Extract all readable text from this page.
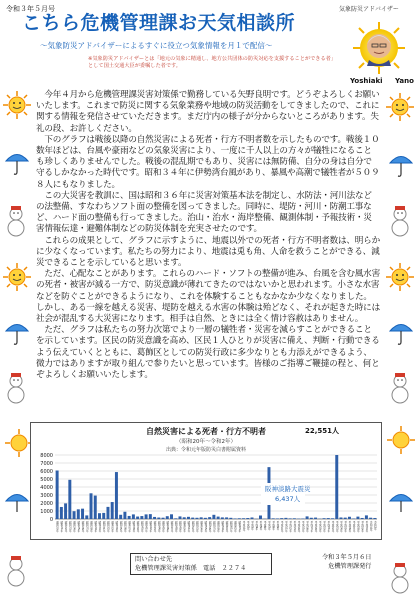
令和３年５月号
こちら危機管理課お天気相談所
気象防災アドバイザー
～気象防災アドバイザーによるすぐに役立つ気象情報を月１で配信～
※気象防災アドバイザーとは「地元の気象に精通し、地方公共団体の防災対応を支援することができる者」として国土交通大臣が委嘱した者です。
Yoshiaki Yano

　今年４月から危機管理課災害対策係で勤務している矢野良明です。どうぞよろしくお願いいたします。これまで防災に関する気象業務や地域の防災活動をしてきましたので、これに関する情報を発信させていただきます。まだ庁内の様子が分からないところがあります。失礼の段、お許しください。

　下のグラフは戦後以降の自然災害による死者・行方不明者数を示したものです。戦後１０数年ほどは、台風や豪雨などの気象災害により、一度に千人以上の方々が犠牲になることも珍しくありませんでした。戦後の混乱期でもあり、災害には無防備、自分の身は自分で守るしかなかった時代です。昭和３４年に伊勢湾台風があり、暴風や高潮で犠牲者が５０９８人にもなりました。

　この大災害を教訓に、国は昭和３６年に災害対策基本法を制定し、水防法・河川法などの法整備、すなわちソフト面の整備を図ってきました。同時に、堤防・河川・防潮工事など、ハード面の整備も行ってきました。治山・治水・海岸整備、観測体制・予報技術・災害情報伝達・避難体制などの防災体制を充実させたのです。

　これらの成果として、グラフに示すように、地震以外での死者・行方不明者数は、明らかに少なくなっています。私たちの努力により、地震は兎も角、人命を救うことができる、減災できることを示していると思います。

　ただ、心配なことがあります。これらのハード・ソフトの整備が進み、台風を含む風水害の死者・被害が減る一方で、防災意識が薄れてきたのではないかと思われます。小さな水害などを防ぐことができるようになり、これを体験することもなかなか少なくなりました。しかし、ある一線を越える災害、堤防を越える水害の体験は殆どなく、それが起きた時には社会が混乱する大災害になります。相手は自然、ときには全く情け容赦はありません。

　ただ、グラフは私たちの努力次第でより一層の犠牲者・災害を減らすことができることを示しています。区民の防災意識を高め、区民１人ひとりが災害に備え、判断・行動できるよう伝えていくとともに、葛飾区としての防災行政に多少なりとも力添えができるよう、微力ではありますが取り組んで参りたいと思っています。皆様のご指導ご鞭撻の程と、何とぞよろしくお願いいたします。

自然災害による死者・行方不明者
（昭和20年～令和2年）
出典：令和元年版防災白書附属資料
0
1000
2000
3000
4000
5000
6000
7000
8000
昭和20年 昭和21年 昭和22年 昭和23年 昭和24年 昭和25年 昭和26年 昭和27年 昭和28年 昭和29年 昭和30年 昭和31年 昭和32年 昭和33年 昭和34年 昭和35年 昭和36年 昭和37年 昭和38年 昭和39年 昭和40年 昭和41年 昭和42年 昭和43年 昭和44年 昭和45年 昭和46年 昭和47年 昭和48年 昭和49年 昭和50年 昭和51年 昭和52年 昭和53年 昭和54年 昭和55年 昭和56年 昭和57年 昭和58年 昭和59年 昭和60年 昭和61年 昭和62年 昭和63年 平成元年 平成2年 平成3年 平成4年 平成5年 平成6年 平成7年 平成8年 平成9年 平成10年 平成11年 平成12年 平成13年 平成14年 平成15年 平成16年 平成17年 平成18年 平成19年 平成20年 平成21年 平成22年 平成23年 平成24年 平成25年 平成26年 平成27年 平成28年 平成29年 平成30年 令和元年 令和2年
22,551人
阪神淡路大震災
6,437人
問い合わせ先
危機管理課災害対策係　電話　２２７４
令和３年５月６日
危機管理課発行
